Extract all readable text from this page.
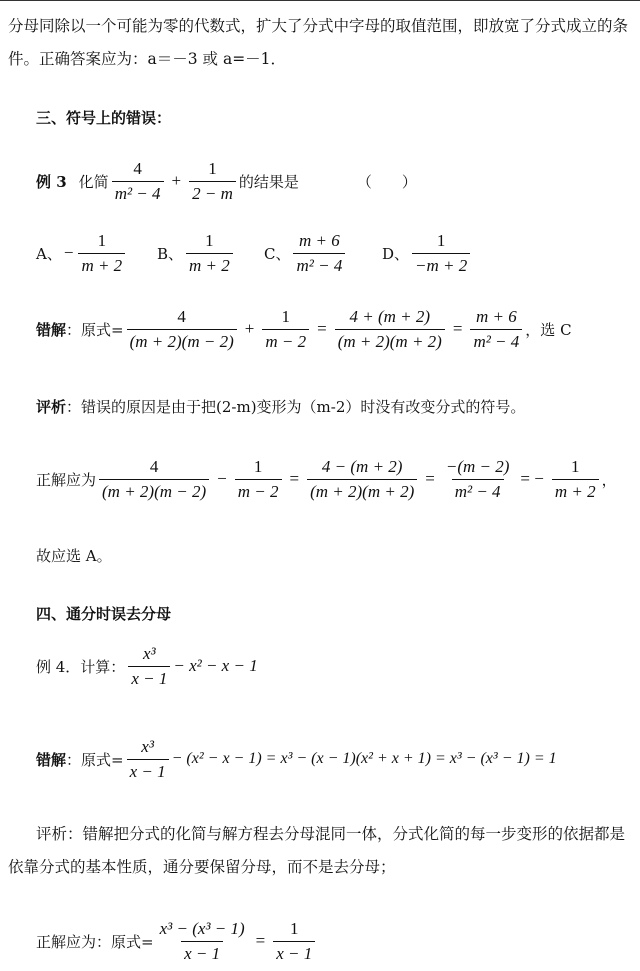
分母同除以一个可能为零的代数式，扩大了分式中字母的取值范围，即放宽了分式成立的条件。正确答案应为：a＝－3 或 a=－1．
三、符号上的错误：
例 3 化简 $\frac{4}{\text{m² − 4}} + \frac{1}{2 - m}$ 的结果是	（　　）
A、 − $\frac{1}{m + 2}$ B、 $\frac{1}{m + 2}$ C、 $\frac{m + 6}{\text{m² − 4}}$ D、 $\frac{1}{-m + 2}$
错解 ：原式= $\frac{4}{(m + 2)(m - 2)} + \frac{1}{m - 2} = \frac{4 + (m + 2)}{(m + 2)(m + 2)} = \frac{m + 6}{\text{m² − 4}}$ ，选 C
评析：错误的原因是由于把(2-m)变形为（m-2）时没有改变分式的符号。
正解应为 $\frac{4}{(m + 2)(m - 2)} - \frac{1}{m - 2} = \frac{4 - (m + 2)}{(m + 2)(m + 2)} = \frac{-(m - 2)}{\text{m² − 4}}$ = − $\frac{1}{m + 2}$ ，
故应选 A。
四、通分时误去分母
例 4．计算： $\frac{\text{x³}}{x - 1} - x^2 - x - 1$
错解 ：原式= $\frac{\text{x³}}{x - 1} - (x^2 - x - 1) = x^3 - (x - 1)(x^2 + x + 1) = x^3 - (x^3 - 1) = 1$
评析：错解把分式的化简与解方程去分母混同一体，分式化简的每一步变形的依据都是依靠分式的基本性质，通分要保留分母，而不是去分母；
正解应为：原式= $\frac{\text{x³ − (x³ − 1)}}{x - 1} = \frac{1}{x - 1}$
